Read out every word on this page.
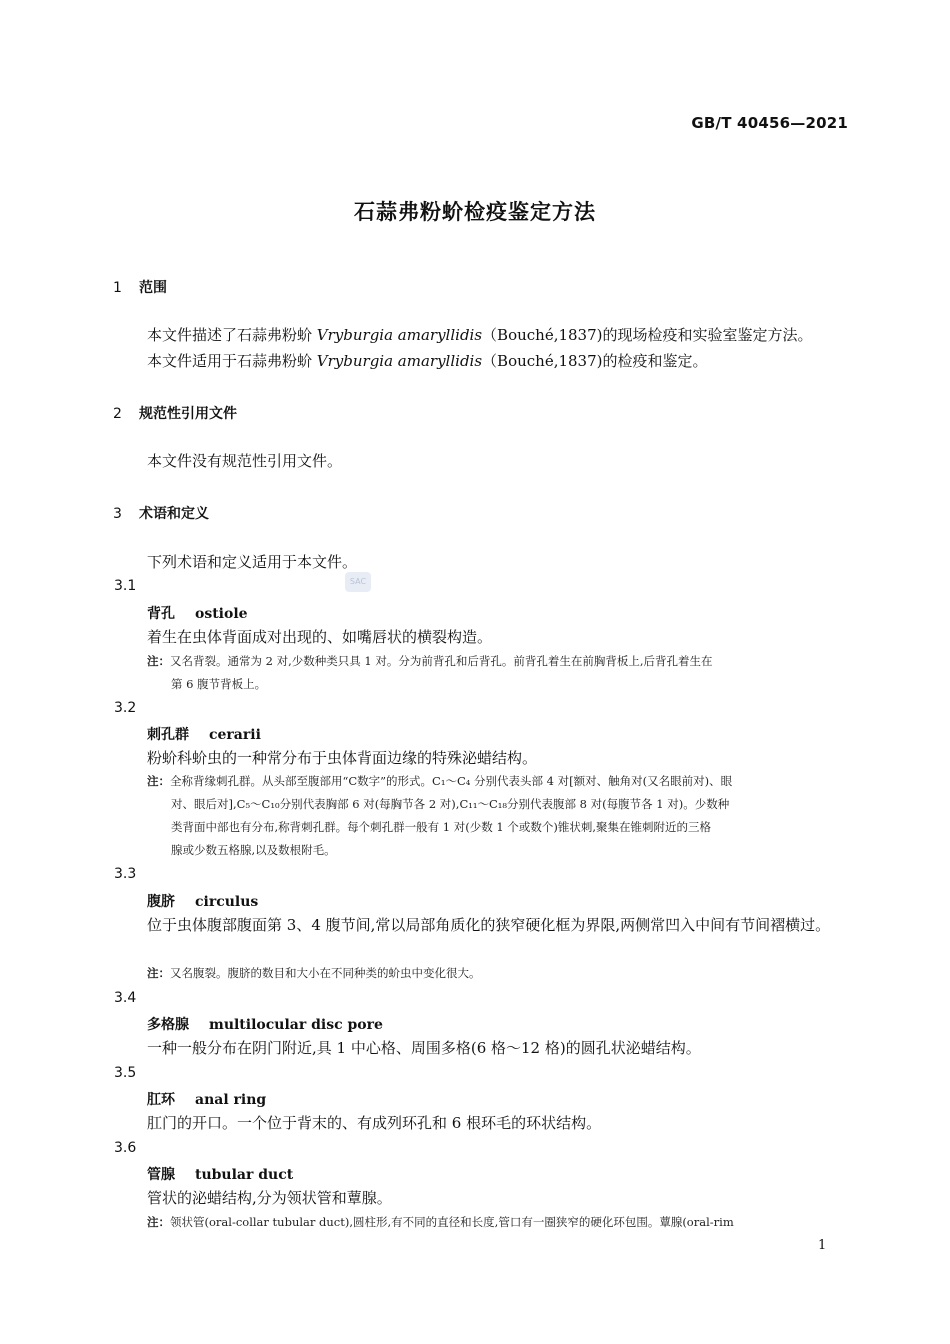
GB/T 40456—2021
石蒜弗粉蚧检疫鉴定方法
1 范围
本文件描述了石蒜弗粉蚧 Vryburgia amaryllidis（Bouché,1837)的现场检疫和实验室鉴定方法。
本文件适用于石蒜弗粉蚧 Vryburgia amaryllidis（Bouché,1837)的检疫和鉴定。
2 规范性引用文件
本文件没有规范性引用文件。
3 术语和定义
下列术语和定义适用于本文件。
SAC
3.1
背孔 ostiole
着生在虫体背面成对出现的、如嘴唇状的横裂构造。
注：又名背裂。通常为 2 对,少数种类只具 1 对。分为前背孔和后背孔。前背孔着生在前胸背板上,后背孔着生在
第 6 腹节背板上。
3.2
刺孔群 cerarii
粉蚧科蚧虫的一种常分布于虫体背面边缘的特殊泌蜡结构。
注：全称背缘刺孔群。从头部至腹部用“C数字”的形式。C₁～C₄ 分别代表头部 4 对[额对、触角对(又名眼前对)、眼
对、眼后对],C₅～C₁₀分别代表胸部 6 对(每胸节各 2 对),C₁₁～C₁₈分别代表腹部 8 对(每腹节各 1 对)。少数种
类背面中部也有分布,称背刺孔群。每个刺孔群一般有 1 对(少数 1 个或数个)锥状刺,聚集在锥刺附近的三格
腺或少数五格腺,以及数根附毛。
3.3
腹脐 circulus
位于虫体腹部腹面第 3、4 腹节间,常以局部角质化的狭窄硬化框为界限,两侧常凹入中间有节间褶横过。
注：又名腹裂。腹脐的数目和大小在不同种类的蚧虫中变化很大。
3.4
多格腺 multilocular disc pore
一种一般分布在阴门附近,具 1 中心格、周围多格(6 格～12 格)的圆孔状泌蜡结构。
3.5
肛环 anal ring
肛门的开口。一个位于背末的、有成列环孔和 6 根环毛的环状结构。
3.6
管腺 tubular duct
管状的泌蜡结构,分为领状管和蕈腺。
注：领状管(oral-collar tubular duct),圆柱形,有不同的直径和长度,管口有一圈狭窄的硬化环包围。蕈腺(oral-rim
1
